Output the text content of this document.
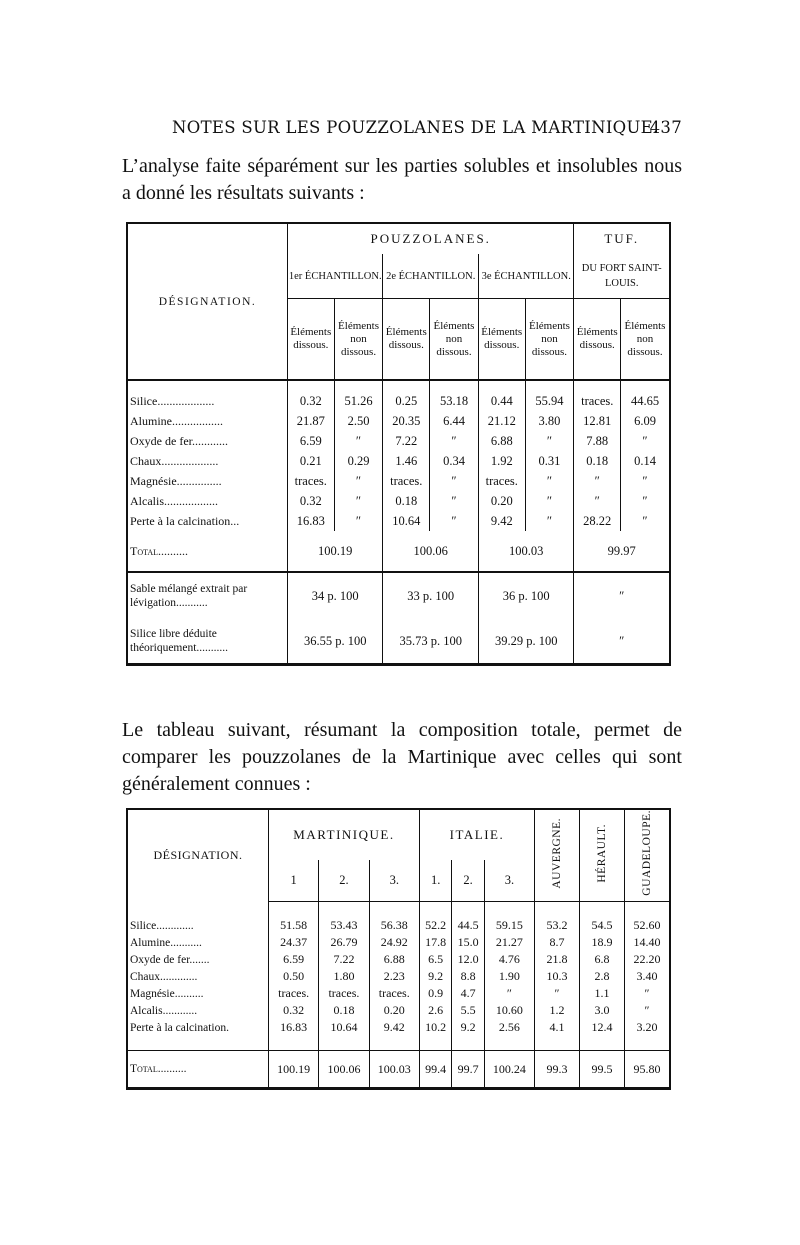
NOTES SUR LES POUZZOLANES DE LA MARTINIQUE.
437

L’analyse faite séparément sur les parties solubles et insolubles nous a donné les résultats suivants :

DÉSIGNATION.	POUZZOLANES.						TUF.	
	1er ÉCHANTILLON.		2e ÉCHANTILLON.		3e ÉCHANTILLON.		DU FORT SAINT-LOUIS.	
	Éléments dissous.	Éléments non dissous.	Éléments dissous.	Éléments non dissous.	Éléments dissous.	Éléments non dissous.	Éléments dissous.	Éléments non dissous.
Silice...................	0.32	51.26	0.25	53.18	0.44	55.94	traces.	44.65
Alumine.................	21.87	2.50	20.35	6.44	21.12	3.80	12.81	6.09
Oxyde de fer............	6.59	″	7.22	″	6.88	″	7.88	″
Chaux...................	0.21	0.29	1.46	0.34	1.92	0.31	0.18	0.14
Magnésie...............	traces.	″	traces.	″	traces.	″	″	″
Alcalis..................	0.32	″	0.18	″	0.20	″	″	″
Perte à la calcination...	16.83	″	10.64	″	9.42	″	28.22	″
Total..........	100.19		100.06		100.03		99.97	
Sable mélangé extrait par lévigation...........	34 p. 100		33 p. 100		36 p. 100		″	
Silice libre déduite théoriquement...........	36.55 p. 100		35.73 p. 100		39.29 p. 100		″	

Le tableau suivant, résumant la composition totale, permet de comparer les pouzzolanes de la Martinique avec celles qui sont généralement connues :

DÉSIGNATION.	MARTINIQUE.			ITALIE.			AUVERGNE.	HÉRAULT.	GUADELOUPE.
	1	2.	3.	1.	2.	3.			
Silice.............	51.58	53.43	56.38	52.2	44.5	59.15	53.2	54.5	52.60
Alumine...........	24.37	26.79	24.92	17.8	15.0	21.27	8.7	18.9	14.40
Oxyde de fer.......	6.59	7.22	6.88	6.5	12.0	4.76	21.8	6.8	22.20
Chaux.............	0.50	1.80	2.23	9.2	8.8	1.90	10.3	2.8	3.40
Magnésie..........	traces.	traces.	traces.	0.9	4.7	″	″	1.1	″
Alcalis............	0.32	0.18	0.20	2.6	5.5	10.60	1.2	3.0	″
Perte à la calcination.	16.83	10.64	9.42	10.2	9.2	2.56	4.1	12.4	3.20
Total..........	100.19	100.06	100.03	99.4	99.7	100.24	99.3	99.5	95.80
